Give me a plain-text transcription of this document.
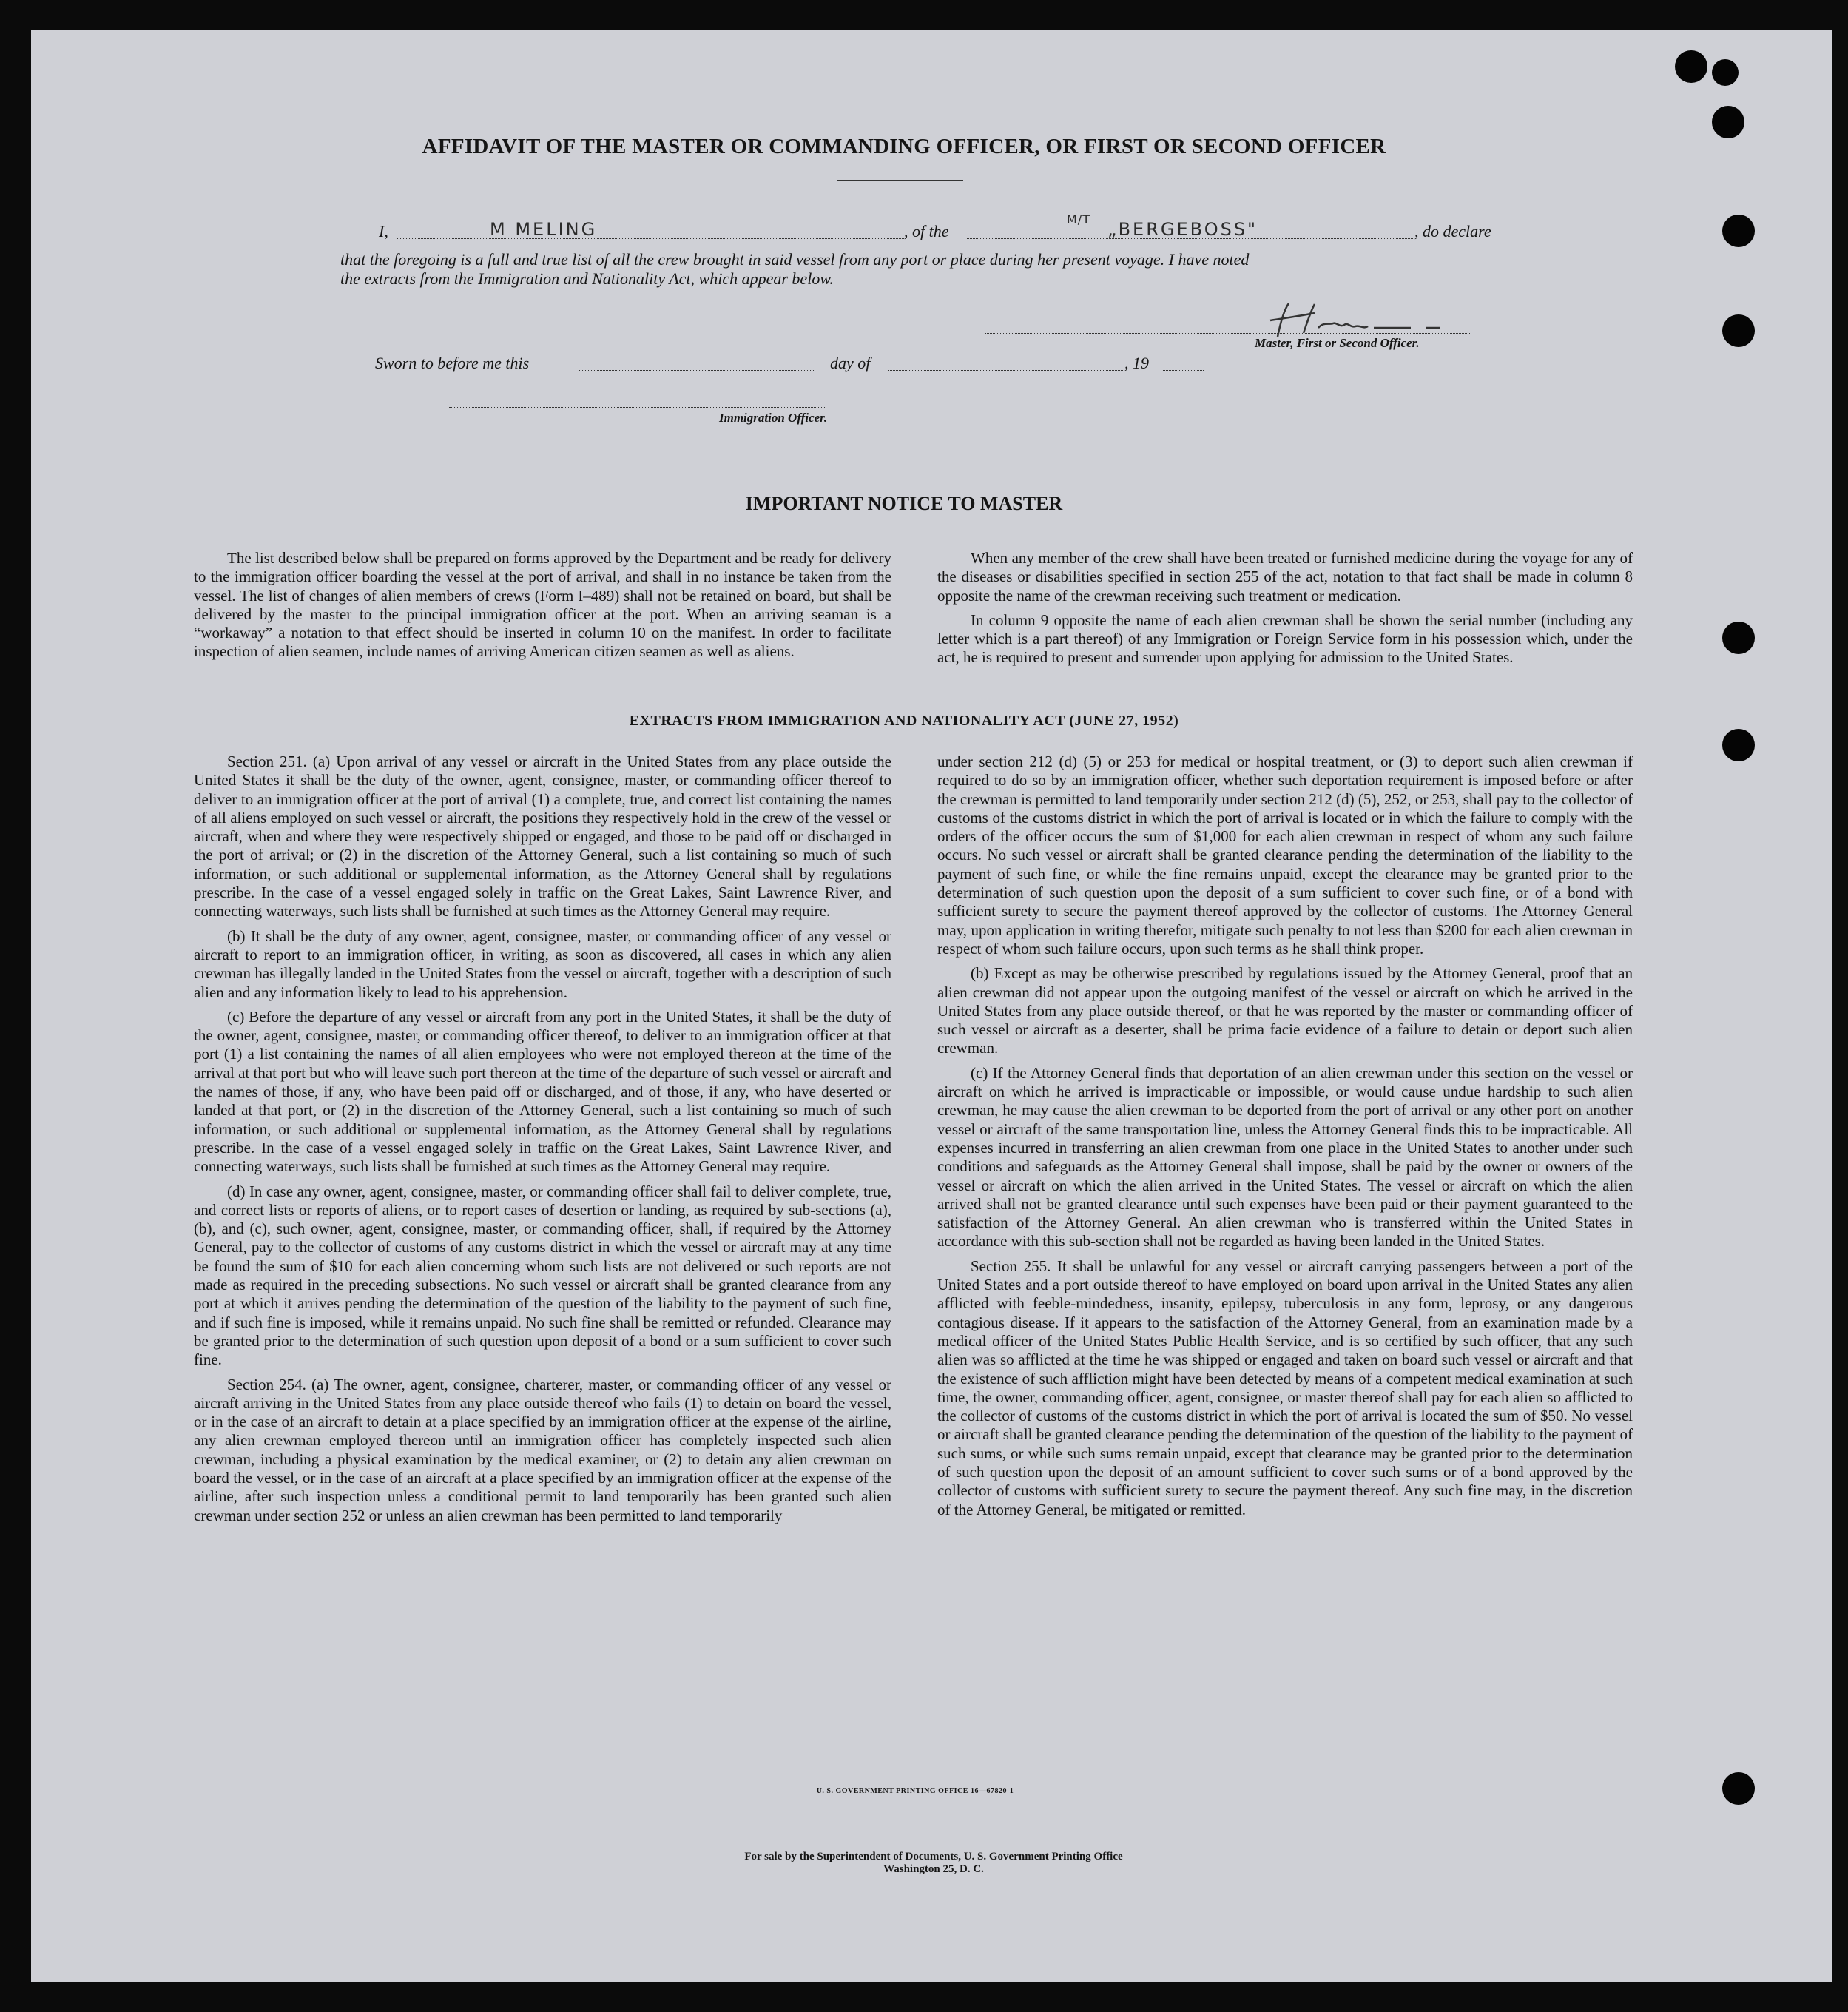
AFFIDAVIT OF THE MASTER OR COMMANDING OFFICER, OR FIRST OR SECOND OFFICER
I,	M MELING	, of the
M/T „BERGEBOSS"	, do declare
that the foregoing is a full and true list of all the crew brought in said vessel from any port or place during her present voyage. I have noted
the extracts from the Immigration and Nationality Act, which appear below.
Master, First or Second Officer.
Sworn to before me this	day of	, 19
Immigration Officer.
IMPORTANT NOTICE TO MASTER

The list described below shall be prepared on forms approved by the Department and be ready for delivery to the immigration officer boarding the vessel at the port of arrival, and shall in no instance be taken from the vessel. The list of changes of alien members of crews (Form I–489) shall not be retained on board, but shall be delivered by the master to the principal immigration officer at the port. When an arriving seaman is a “workaway” a notation to that effect should be inserted in column 10 on the manifest. In order to facilitate inspection of alien seamen, include names of arriving American citizen seamen as well as aliens.

When any member of the crew shall have been treated or furnished medicine during the voyage for any of the diseases or disabilities specified in section 255 of the act, notation to that fact shall be made in column 8 opposite the name of the crewman receiving such treatment or medication.

In column 9 opposite the name of each alien crewman shall be shown the serial number (including any letter which is a part thereof) of any Immigration or Foreign Service form in his possession which, under the act, he is required to present and surrender upon applying for admission to the United States.

EXTRACTS FROM IMMIGRATION AND NATIONALITY ACT (JUNE 27, 1952)

Section 251. (a) Upon arrival of any vessel or aircraft in the United States from any place outside the United States it shall be the duty of the owner, agent, consignee, master, or commanding officer thereof to deliver to an immigration officer at the port of arrival (1) a complete, true, and correct list containing the names of all aliens employed on such vessel or aircraft, the positions they respectively hold in the crew of the vessel or aircraft, when and where they were respectively shipped or engaged, and those to be paid off or discharged in the port of arrival; or (2) in the discretion of the Attorney General, such a list containing so much of such information, or such additional or supplemental information, as the Attorney General shall by regulations prescribe. In the case of a vessel engaged solely in traffic on the Great Lakes, Saint Lawrence River, and connecting waterways, such lists shall be furnished at such times as the Attorney General may require.

(b) It shall be the duty of any owner, agent, consignee, master, or commanding officer of any vessel or aircraft to report to an immigration officer, in writing, as soon as discovered, all cases in which any alien crewman has illegally landed in the United States from the vessel or aircraft, together with a description of such alien and any information likely to lead to his apprehension.

(c) Before the departure of any vessel or aircraft from any port in the United States, it shall be the duty of the owner, agent, consignee, master, or commanding officer thereof, to deliver to an immigration officer at that port (1) a list containing the names of all alien employees who were not employed thereon at the time of the arrival at that port but who will leave such port thereon at the time of the departure of such vessel or aircraft and the names of those, if any, who have been paid off or discharged, and of those, if any, who have deserted or landed at that port, or (2) in the discretion of the Attorney General, such a list containing so much of such information, or such additional or supplemental information, as the Attorney General shall by regulations prescribe. In the case of a vessel engaged solely in traffic on the Great Lakes, Saint Lawrence River, and connecting waterways, such lists shall be furnished at such times as the Attorney General may require.

(d) In case any owner, agent, consignee, master, or commanding officer shall fail to deliver complete, true, and correct lists or reports of aliens, or to report cases of desertion or landing, as required by sub-sections (a), (b), and (c), such owner, agent, consignee, master, or commanding officer, shall, if required by the Attorney General, pay to the collector of customs of any customs district in which the vessel or aircraft may at any time be found the sum of $10 for each alien concerning whom such lists are not delivered or such reports are not made as required in the preceding subsections. No such vessel or aircraft shall be granted clearance from any port at which it arrives pending the determination of the question of the liability to the payment of such fine, and if such fine is imposed, while it remains unpaid. No such fine shall be remitted or refunded. Clearance may be granted prior to the determination of such question upon deposit of a bond or a sum sufficient to cover such fine.

Section 254. (a) The owner, agent, consignee, charterer, master, or commanding officer of any vessel or aircraft arriving in the United States from any place outside thereof who fails (1) to detain on board the vessel, or in the case of an aircraft to detain at a place specified by an immigration officer at the expense of the airline, any alien crewman employed thereon until an immigration officer has completely inspected such alien crewman, including a physical examination by the medical examiner, or (2) to detain any alien crewman on board the vessel, or in the case of an aircraft at a place specified by an immigration officer at the expense of the airline, after such inspection unless a conditional permit to land temporarily has been granted such alien crewman under section 252 or unless an alien crewman has been permitted to land temporarily

under section 212 (d) (5) or 253 for medical or hospital treatment, or (3) to deport such alien crewman if required to do so by an immigration officer, whether such deportation requirement is imposed before or after the crewman is permitted to land temporarily under section 212 (d) (5), 252, or 253, shall pay to the collector of customs of the customs district in which the port of arrival is located or in which the failure to comply with the orders of the officer occurs the sum of $1,000 for each alien crewman in respect of whom any such failure occurs. No such vessel or aircraft shall be granted clearance pending the determination of the liability to the payment of such fine, or while the fine remains unpaid, except the clearance may be granted prior to the determination of such question upon the deposit of a sum sufficient to cover such fine, or of a bond with sufficient surety to secure the payment thereof approved by the collector of customs. The Attorney General may, upon application in writing therefor, mitigate such penalty to not less than $200 for each alien crewman in respect of whom such failure occurs, upon such terms as he shall think proper.

(b) Except as may be otherwise prescribed by regulations issued by the Attorney General, proof that an alien crewman did not appear upon the outgoing manifest of the vessel or aircraft on which he arrived in the United States from any place outside thereof, or that he was reported by the master or commanding officer of such vessel or aircraft as a deserter, shall be prima facie evidence of a failure to detain or deport such alien crewman.

(c) If the Attorney General finds that deportation of an alien crewman under this section on the vessel or aircraft on which he arrived is impracticable or impossible, or would cause undue hardship to such alien crewman, he may cause the alien crewman to be deported from the port of arrival or any other port on another vessel or aircraft of the same transportation line, unless the Attorney General finds this to be impracticable. All expenses incurred in transferring an alien crewman from one place in the United States to another under such conditions and safeguards as the Attorney General shall impose, shall be paid by the owner or owners of the vessel or aircraft on which the alien arrived in the United States. The vessel or aircraft on which the alien arrived shall not be granted clearance until such expenses have been paid or their payment guaranteed to the satisfaction of the Attorney General. An alien crewman who is transferred within the United States in accordance with this sub-section shall not be regarded as having been landed in the United States.

Section 255. It shall be unlawful for any vessel or aircraft carrying passengers between a port of the United States and a port outside thereof to have employed on board upon arrival in the United States any alien afflicted with feeble-mindedness, insanity, epilepsy, tuberculosis in any form, leprosy, or any dangerous contagious disease. If it appears to the satisfaction of the Attorney General, from an examination made by a medical officer of the United States Public Health Service, and is so certified by such officer, that any such alien was so afflicted at the time he was shipped or engaged and taken on board such vessel or aircraft and that the existence of such affliction might have been detected by means of a competent medical examination at such time, the owner, commanding officer, agent, consignee, or master thereof shall pay for each alien so afflicted to the collector of customs of the customs district in which the port of arrival is located the sum of $50. No vessel or aircraft shall be granted clearance pending the determination of the question of the liability to the payment of such sums, or while such sums remain unpaid, except that clearance may be granted prior to the determination of such question upon the deposit of an amount sufficient to cover such sums or of a bond approved by the collector of customs with sufficient surety to secure the payment thereof. Any such fine may, in the discretion of the Attorney General, be mitigated or remitted.

U. S. GOVERNMENT PRINTING OFFICE 16—67820-1
For sale by the Superintendent of Documents, U. S. Government Printing Office
Washington 25, D. C.
